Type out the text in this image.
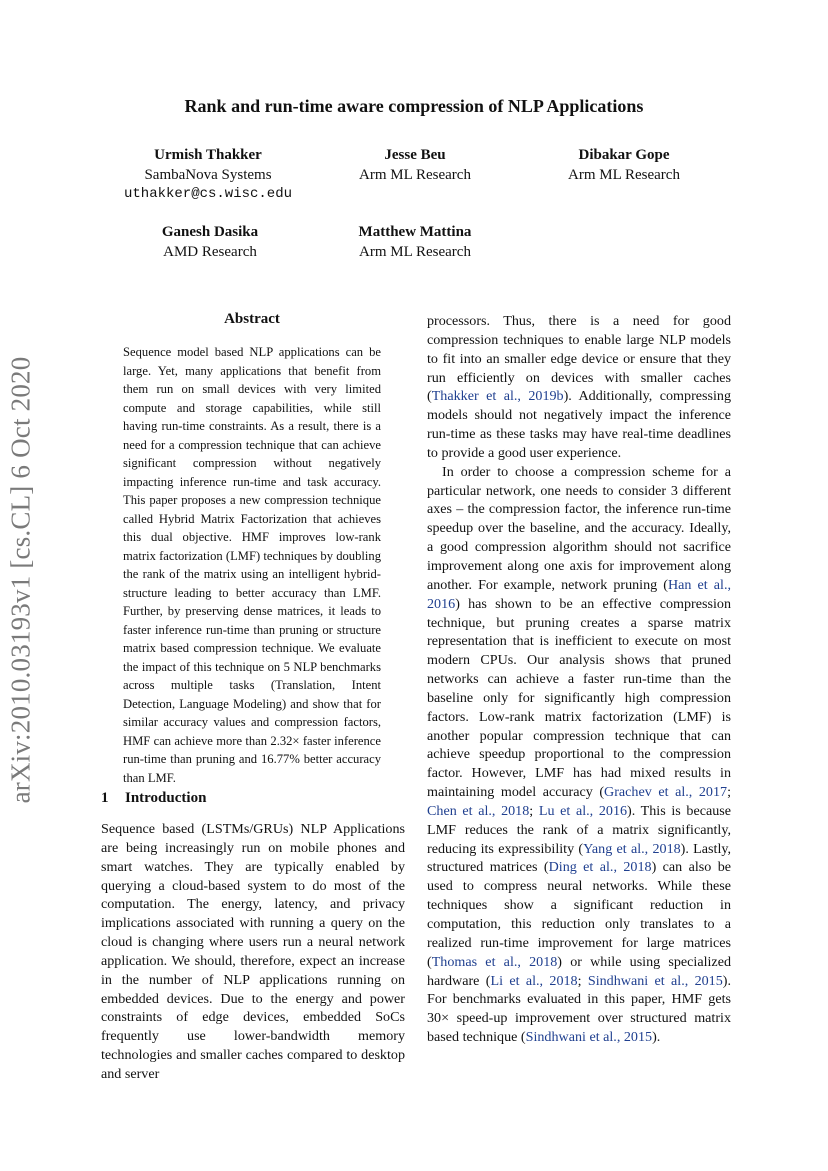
Rank and run-time aware compression of NLP Applications
Urmish Thakker
SambaNova Systems
uthakker@cs.wisc.edu
Jesse Beu
Arm ML Research
Dibakar Gope
Arm ML Research
Ganesh Dasika
AMD Research
Matthew Mattina
Arm ML Research
arXiv:2010.03193v1 [cs.CL] 6 Oct 2020
Abstract

Sequence model based NLP applications can be large. Yet, many applications that benefit from them run on small devices with very limited compute and storage capabilities, while still having run-time constraints. As a result, there is a need for a compression technique that can achieve significant compression without negatively impacting inference run-time and task accuracy. This paper proposes a new compression technique called Hybrid Matrix Factorization that achieves this dual objective. HMF improves low-rank matrix factorization (LMF) techniques by doubling the rank of the matrix using an intelligent hybrid-structure leading to better accuracy than LMF. Further, by preserving dense matrices, it leads to faster inference run-time than pruning or structure matrix based compression technique. We evaluate the impact of this technique on 5 NLP benchmarks across multiple tasks (Translation, Intent Detection, Language Modeling) and show that for similar accuracy values and compression factors, HMF can achieve more than 2.32× faster inference run-time than pruning and 16.77% better accuracy than LMF.

1 Introduction

Sequence based (LSTMs/GRUs) NLP Applications are being increasingly run on mobile phones and smart watches. They are typically enabled by querying a cloud-based system to do most of the computation. The energy, latency, and privacy implications associated with running a query on the cloud is changing where users run a neural network application. We should, therefore, expect an increase in the number of NLP applications running on embedded devices. Due to the energy and power constraints of edge devices, embedded SoCs frequently use lower-bandwidth memory technologies and smaller caches compared to desktop and server

processors. Thus, there is a need for good compression techniques to enable large NLP models to fit into an smaller edge device or ensure that they run efficiently on devices with smaller caches (Thakker et al., 2019b). Additionally, compressing models should not negatively impact the inference run-time as these tasks may have real-time deadlines to provide a good user experience.

In order to choose a compression scheme for a particular network, one needs to consider 3 different axes – the compression factor, the inference run-time speedup over the baseline, and the accuracy. Ideally, a good compression algorithm should not sacrifice improvement along one axis for improvement along another. For example, network pruning (Han et al., 2016) has shown to be an effective compression technique, but pruning creates a sparse matrix representation that is inefficient to execute on most modern CPUs. Our analysis shows that pruned networks can achieve a faster run-time than the baseline only for significantly high compression factors. Low-rank matrix factorization (LMF) is another popular compression technique that can achieve speedup proportional to the compression factor. However, LMF has had mixed results in maintaining model accuracy (Grachev et al., 2017; Chen et al., 2018; Lu et al., 2016). This is because LMF reduces the rank of a matrix significantly, reducing its expressibility (Yang et al., 2018). Lastly, structured matrices (Ding et al., 2018) can also be used to compress neural networks. While these techniques show a significant reduction in computation, this reduction only translates to a realized run-time improvement for large matrices (Thomas et al., 2018) or while using specialized hardware (Li et al., 2018; Sindhwani et al., 2015). For benchmarks evaluated in this paper, HMF gets 30× speed-up improvement over structured matrix based technique (Sindhwani et al., 2015).
